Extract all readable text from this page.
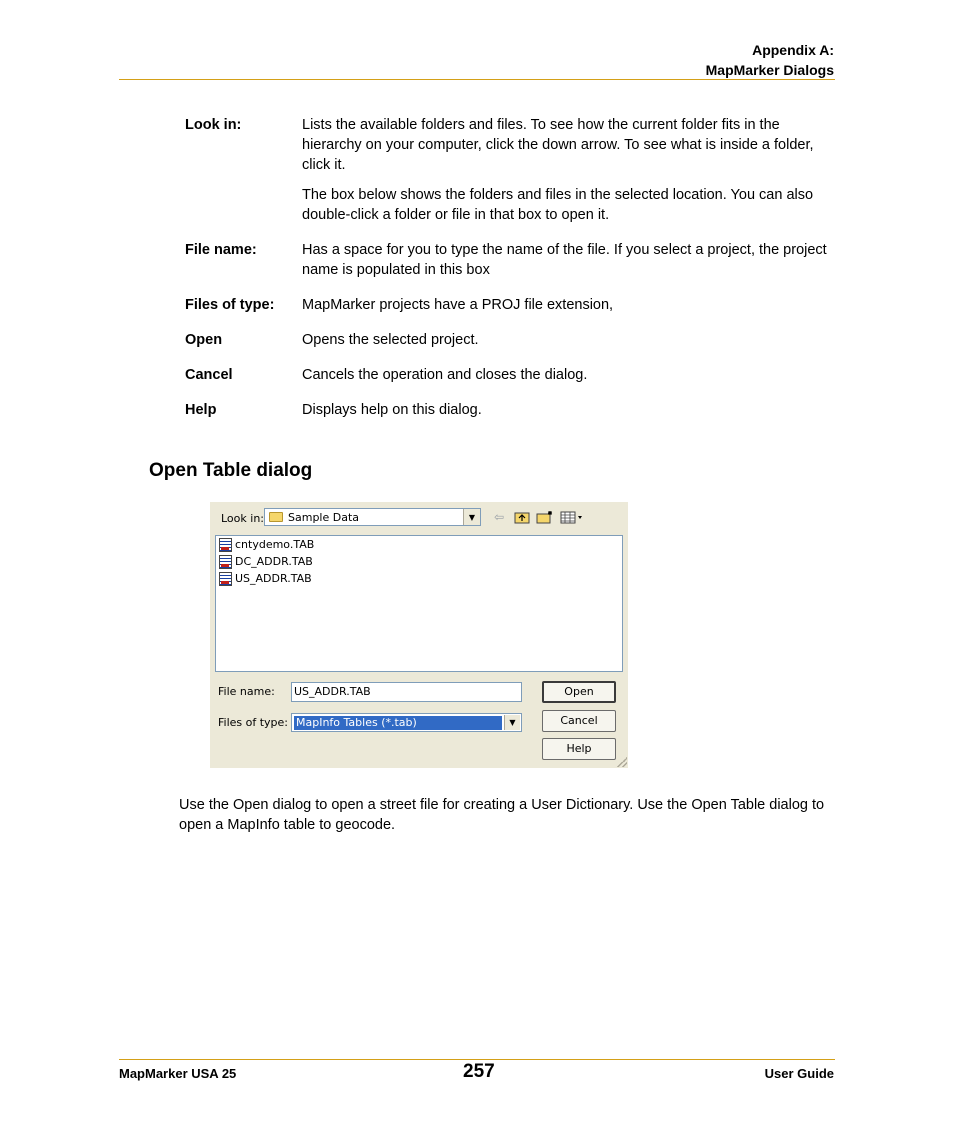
Appendix A:
MapMarker Dialogs
Look in:	Lists the available folders and files. To see how the current folder fits in the hierarchy on your computer, click the down arrow. To see what is inside a folder, click it.

The box below shows the folders and files in the selected location. You can also double-click a folder or file in that box to open it.

File name:	Has a space for you to type the name of the file. If you select a project, the project name is populated in this box

Files of type:	MapMarker projects have a PROJ file extension,

Open	Opens the selected project.

Cancel	Cancels the operation and closes the dialog.

Help	Displays help on this dialog.

Open Table dialog
Look in: Sample Data	▼	⇦
cntydemo.TAB
DC_ADDR.TAB
US_ADDR.TAB
File name: US_ADDR.TAB
Files of type: MapInfo Tables (*.tab)	▼
Open
Cancel
Help
Use the Open dialog to open a street file for creating a User Dictionary. Use the Open Table dialog to open a MapInfo table to geocode.
MapMarker USA 25	257	User Guide
